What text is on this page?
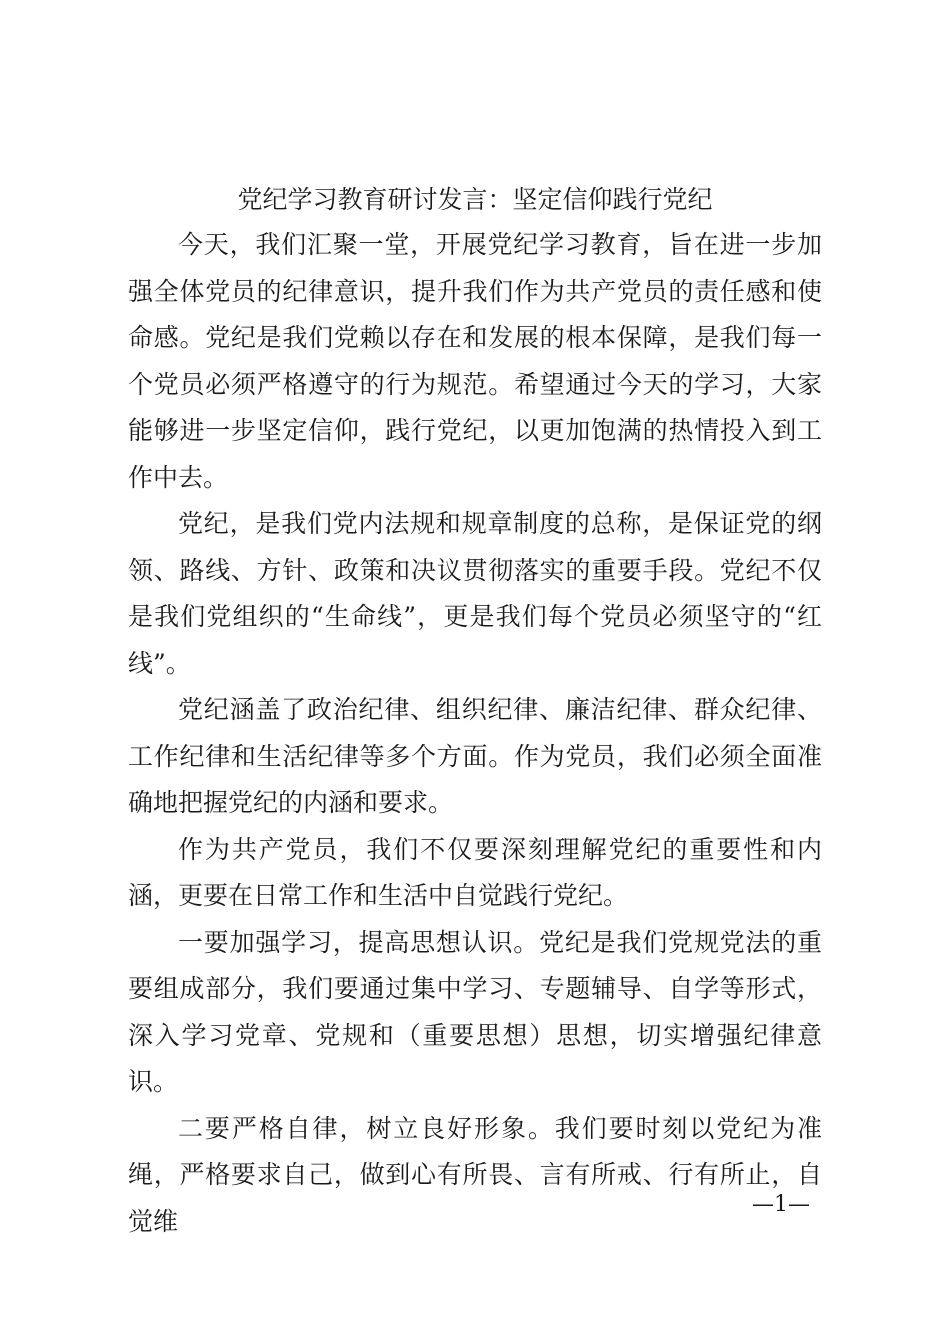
党纪学习教育研讨发言：坚定信仰践行党纪

今天，我们汇聚一堂，开展党纪学习教育，旨在进一步加强全体党员的纪律意识，提升我们作为共产党员的责任感和使命感。党纪是我们党赖以存在和发展的根本保障，是我们每一个党员必须严格遵守的行为规范。希望通过今天的学习，大家能够进一步坚定信仰，践行党纪，以更加饱满的热情投入到工作中去。

党纪，是我们党内法规和规章制度的总称，是保证党的纲领、路线、方针、政策和决议贯彻落实的重要手段。党纪不仅是我们党组织的“生命线”，更是我们每个党员必须坚守的“红线”。

党纪涵盖了政治纪律、组织纪律、廉洁纪律、群众纪律、工作纪律和生活纪律等多个方面。作为党员，我们必须全面准确地把握党纪的内涵和要求。

作为共产党员，我们不仅要深刻理解党纪的重要性和内涵，更要在日常工作和生活中自觉践行党纪。

一要加强学习，提高思想认识。党纪是我们党规党法的重要组成部分，我们要通过集中学习、专题辅导、自学等形式，深入学习党章、党规和（重要思想）思想，切实增强纪律意识。

二要严格自律，树立良好形象。我们要时刻以党纪为准绳，严格要求自己，做到心有所畏、言有所戒、行有所止，自觉维

—1—
